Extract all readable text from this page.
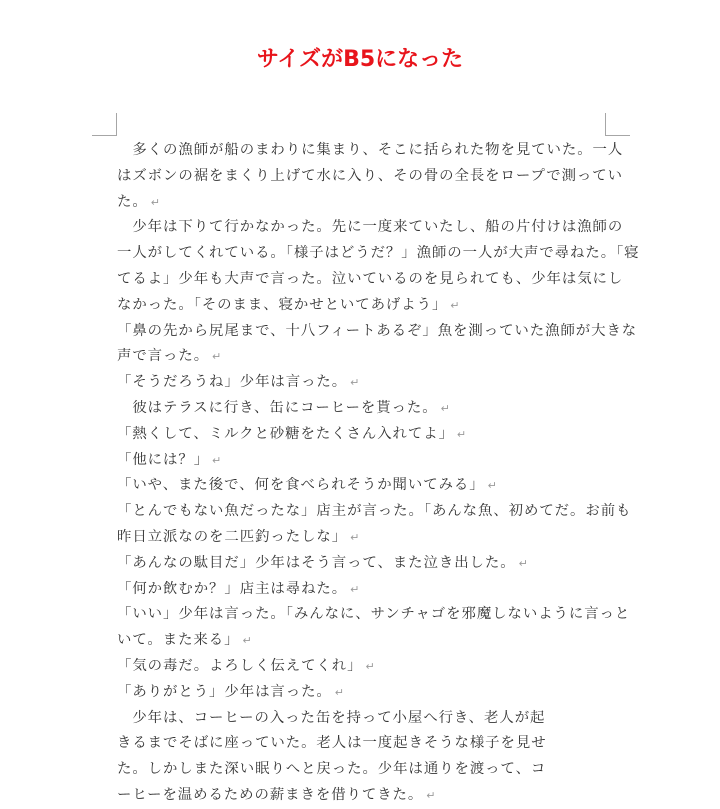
サイズがB5になった

　多くの漁師が船のまわりに集まり、そこに括られた物を見ていた。一人
はズボンの裾をまくり上げて水に入り、その骨の全長をロープで測ってい
た。 ↵

　少年は下りて行かなかった。先に一度来ていたし、船の片付けは漁師の
一人がしてくれている。「様子はどうだ？」漁師の一人が大声で尋ねた。「寝
てるよ」少年も大声で言った。泣いているのを見られても、少年は気にし
なかった。「そのまま、寝かせといてあげよう」 ↵

「鼻の先から尻尾まで、十八フィートあるぞ」魚を測っていた漁師が大きな
声で言った。 ↵

「そうだろうね」少年は言った。 ↵

　彼はテラスに行き、缶にコーヒーを貰った。 ↵

「熱くして、ミルクと砂糖をたくさん入れてよ」 ↵

「他には？」 ↵

「いや、また後で、何を食べられそうか聞いてみる」 ↵

「とんでもない魚だったな」店主が言った。「あんな魚、初めてだ。お前も
昨日立派なのを二匹釣ったしな」 ↵

「あんなの駄目だ」少年はそう言って、また泣き出した。 ↵

「何か飲むか？」店主は尋ねた。 ↵

「いい」少年は言った。「みんなに、サンチャゴを邪魔しないように言っと
いて。また来る」 ↵

「気の毒だ。よろしく伝えてくれ」 ↵

「ありがとう」少年は言った。 ↵

　少年は、コーヒーの入った缶を持って小屋へ行き、老人が起
きるまでそばに座っていた。老人は一度起きそうな様子を見せ
た。しかしまた深い眠りへと戻った。少年は通りを渡って、コ
ーヒーを温めるための薪まきを借りてきた。 ↵
